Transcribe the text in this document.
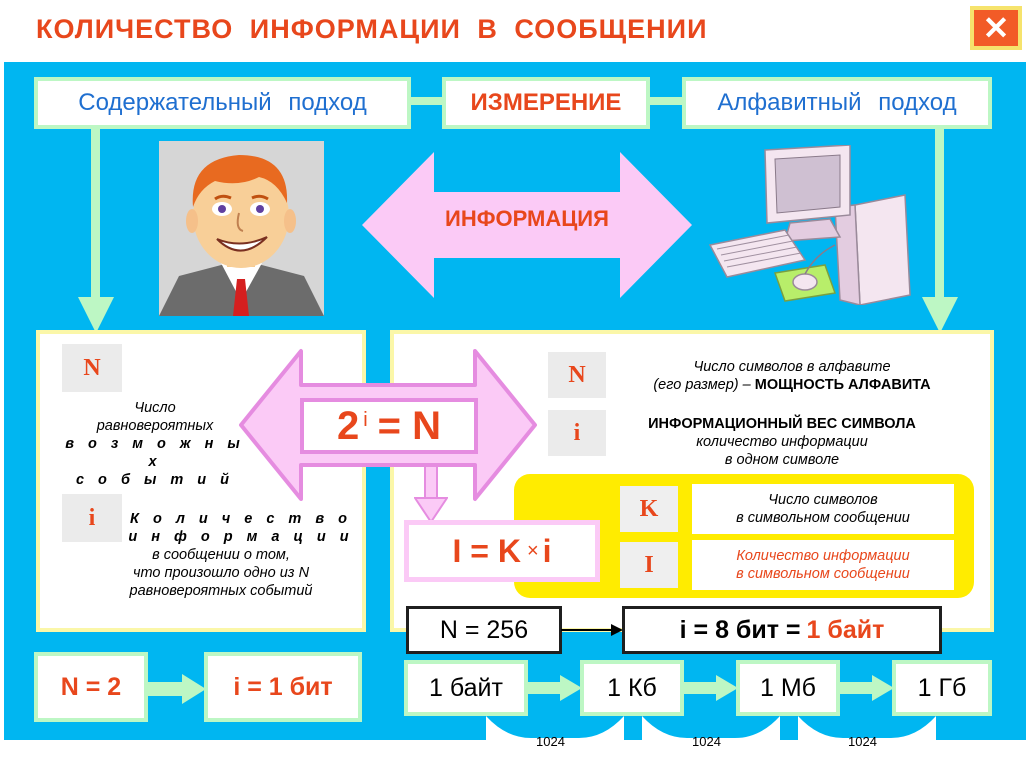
КОЛИЧЕСТВО ИНФОРМАЦИИ В СООБЩЕНИИ	✕
Содержательный подход	ИЗМЕРЕНИЕ	Алфавитный подход
ИНФОРМАЦИЯ
N
Число
равновероятных
в о з м о ж н ы х
с о б ы т и й
i	К о л и ч е с т в о
и н ф о р м а ц и и
в сообщении о том,
что произошло одно из N
равновероятных событий
N	Число символов в алфавите
(его размер) – МОЩНОСТЬ АЛФАВИТА
i	ИНФОРМАЦИОННЫЙ ВЕС СИМВОЛА
количество информации
в одном символе
K	Число символов
в символьном сообщении
I	Количество информации
в символьном сообщении
$2^i = N$
I = K × i
N = 256	i = 8 бит = 1 байт
N = 2	i = 1 бит	1 байт	1 Кб	1 Мб	1 Гб
1024	1024	1024
